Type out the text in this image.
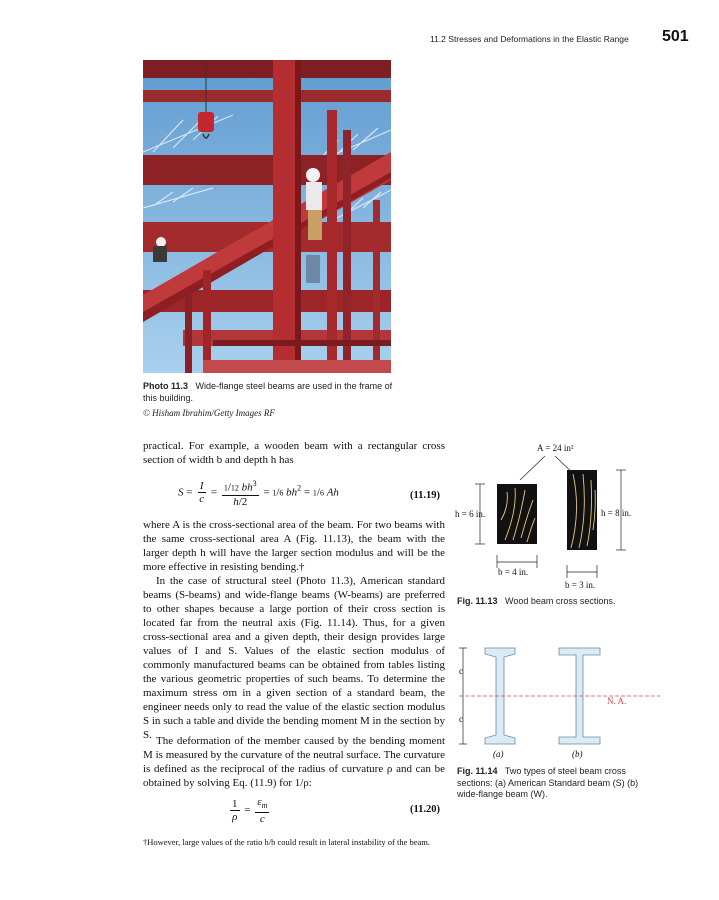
11.2 Stresses and Deformations in the Elastic Range 501
Photo 11.3 Wide-flange steel beams are used in the frame of this building.
© Hisham Ibrahim/Getty Images RF

practical. For example, a wooden beam with a rectangular cross section of width b and depth h has

$S = \frac{I}{c} = \frac{1/12 bh^3}{h/2} = 1/6$ $bh^2 = 1/6$ Ah	(11.19)

where A is the cross-sectional area of the beam. For two beams with the same cross-sectional area A (Fig. 11.13), the beam with the larger depth h will have the larger section modulus and will be the more effective in resisting bending.†

In the case of structural steel (Photo 11.3), American standard beams (S-beams) and wide-flange beams (W-beams) are preferred to other shapes because a large portion of their cross section is located far from the neutral axis (Fig. 11.14). Thus, for a given cross-sectional area and a given depth, their design provides large values of I and S. Values of the elastic section modulus of commonly manufactured beams can be obtained from tables listing the various geometric properties of such beams. To determine the maximum stress σm in a given section of a standard beam, the engineer needs only to read the value of the elastic section modulus S in such a table and divide the bending moment M in the section by S. The deformation of the member caused by the bending moment M is measured by the curvature of the neutral surface. The curvature is defined as the reciprocal of the radius of curvature ρ and can be obtained by solving Eq. (11.9) for 1/ρ:

$\frac{1}{\rho} = \frac{\varepsilon_m}{c}$	(11.20)
†However, large values of the ratio h/b could result in lateral instability of the beam.
A = 24 in²
h = 6 in.
b = 4 in.
h = 8 in.
b = 3 in.
Fig. 11.13 Wood beam cross sections.
c
c
N. A.
(a)	(b)
Fig. 11.14 Two types of steel beam cross sections: (a) American Standard beam (S) (b) wide-flange beam (W).
